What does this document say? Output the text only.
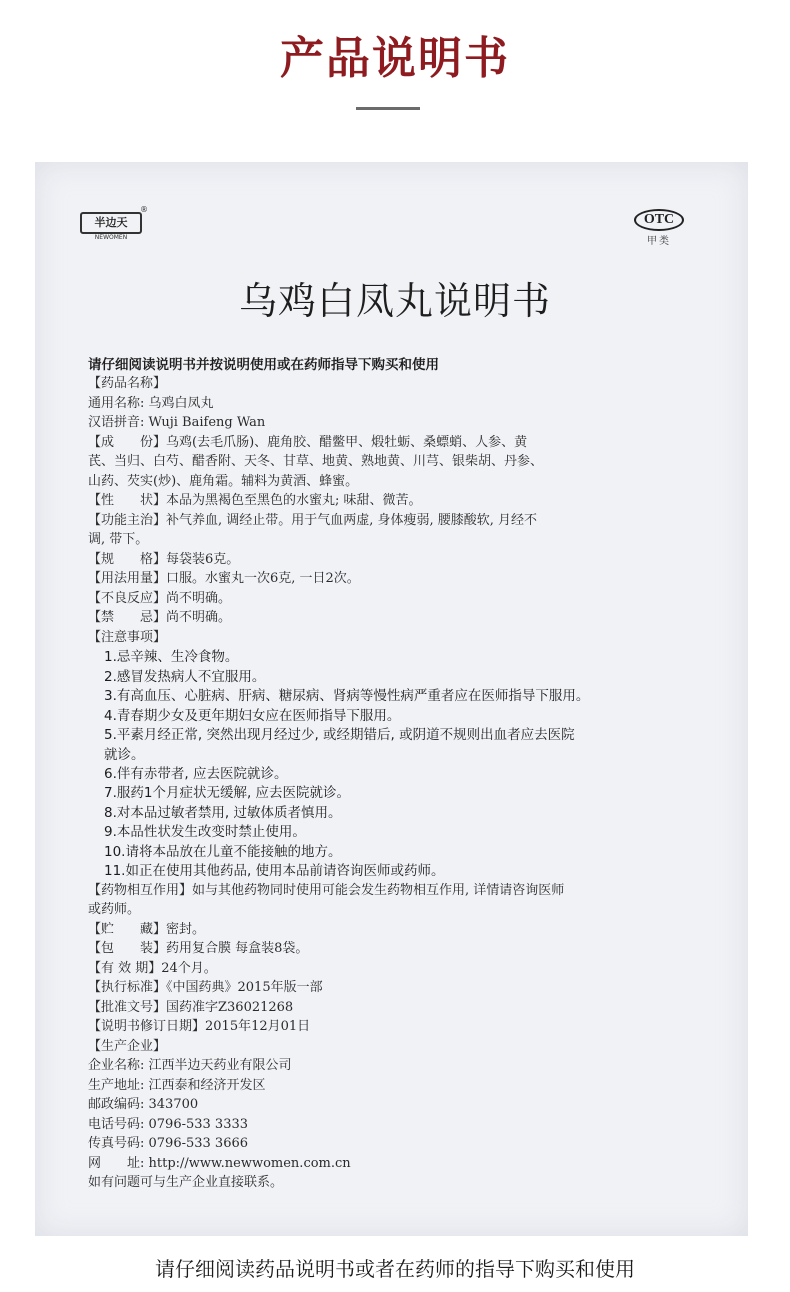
产品说明书
半边天
NEWOMEN
®
OTC
甲类
乌鸡白凤丸说明书
请仔细阅读说明书并按说明使用或在药师指导下购买和使用
【药品名称】
通用名称: 乌鸡白凤丸
汉语拼音: Wuji Baifeng Wan
【成　　份】乌鸡(去毛爪肠)、鹿角胶、醋鳖甲、煅牡蛎、桑螵蛸、人参、黄
芪、当归、白芍、醋香附、天冬、甘草、地黄、熟地黄、川芎、银柴胡、丹参、
山药、芡实(炒)、鹿角霜。辅料为黄酒、蜂蜜。
【性　　状】本品为黑褐色至黑色的水蜜丸; 味甜、微苦。
【功能主治】补气养血, 调经止带。用于气血两虚, 身体瘦弱, 腰膝酸软, 月经不
调, 带下。
【规　　格】每袋装6克。
【用法用量】口服。水蜜丸一次6克, 一日2次。
【不良反应】尚不明确。
【禁　　忌】尚不明确。
【注意事项】
1.忌辛辣、生冷食物。
2.感冒发热病人不宜服用。
3.有高血压、心脏病、肝病、糖尿病、肾病等慢性病严重者应在医师指导下服用。
4.青春期少女及更年期妇女应在医师指导下服用。
5.平素月经正常, 突然出现月经过少, 或经期错后, 或阴道不规则出血者应去医院
就诊。
6.伴有赤带者, 应去医院就诊。
7.服药1个月症状无缓解, 应去医院就诊。
8.对本品过敏者禁用, 过敏体质者慎用。
9.本品性状发生改变时禁止使用。
10.请将本品放在儿童不能接触的地方。
11.如正在使用其他药品, 使用本品前请咨询医师或药师。
【药物相互作用】如与其他药物同时使用可能会发生药物相互作用, 详情请咨询医师
或药师。
【贮　　藏】密封。
【包　　装】药用复合膜 每盒装8袋。
【有 效 期】24个月。
【执行标准】《中国药典》2015年版一部
【批准文号】国药准字Z36021268
【说明书修订日期】2015年12月01日
【生产企业】
企业名称: 江西半边天药业有限公司
生产地址: 江西泰和经济开发区
邮政编码: 343700
电话号码: 0796-533 3333
传真号码: 0796-533 3666
网　　址: http://www.newwomen.com.cn
如有问题可与生产企业直接联系。
请仔细阅读药品说明书或者在药师的指导下购买和使用
